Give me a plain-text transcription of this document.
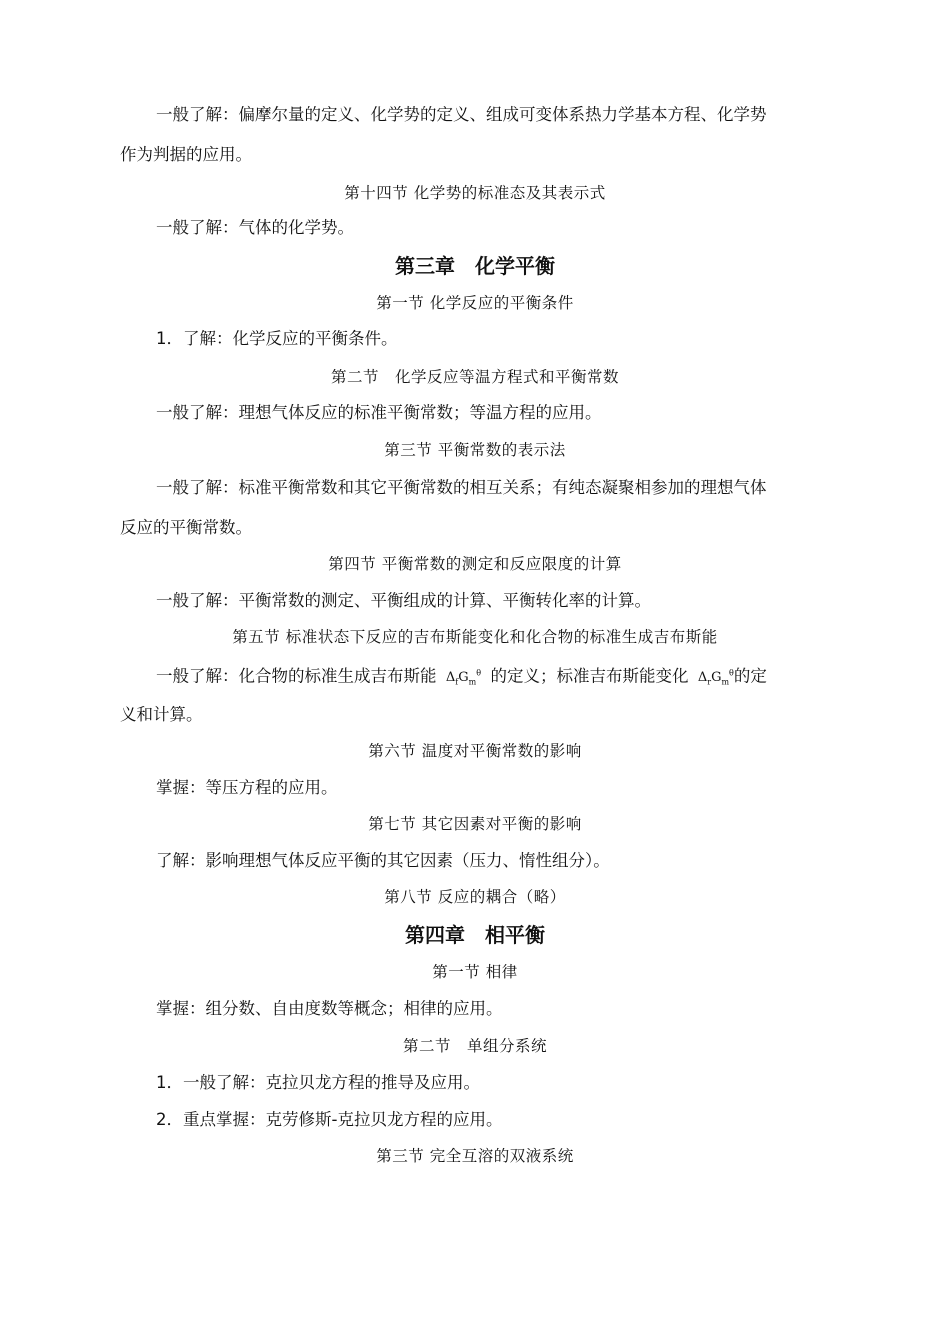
一般了解：偏摩尔量的定义、化学势的定义、组成可变体系热力学基本方程、化学势
作为判据的应用。
第十四节 化学势的标准态及其表示式
一般了解：气体的化学势。
第三章　化学平衡
第一节 化学反应的平衡条件
1．了解：化学反应的平衡条件。
第二节　化学反应等温方程式和平衡常数
一般了解：理想气体反应的标准平衡常数；等温方程的应用。
第三节 平衡常数的表示法
一般了解：标准平衡常数和其它平衡常数的相互关系；有纯态凝聚相参加的理想气体
反应的平衡常数。
第四节 平衡常数的测定和反应限度的计算
一般了解：平衡常数的测定、平衡组成的计算、平衡转化率的计算。
第五节 标准状态下反应的吉布斯能变化和化合物的标准生成吉布斯能
一般了解：化合物的标准生成吉布斯能 $\Delta_fG_m^\theta$ 的定义；标准吉布斯能变化 $\Delta_rG_m^\theta$的定
义和计算。
第六节 温度对平衡常数的影响
掌握：等压方程的应用。
第七节 其它因素对平衡的影响
了解：影响理想气体反应平衡的其它因素（压力、惰性组分）。
第八节 反应的耦合（略）
第四章　相平衡
第一节 相律
掌握：组分数、自由度数等概念；相律的应用。
第二节　单组分系统
1．一般了解：克拉贝龙方程的推导及应用。
2．重点掌握：克劳修斯-克拉贝龙方程的应用。
第三节 完全互溶的双液系统
